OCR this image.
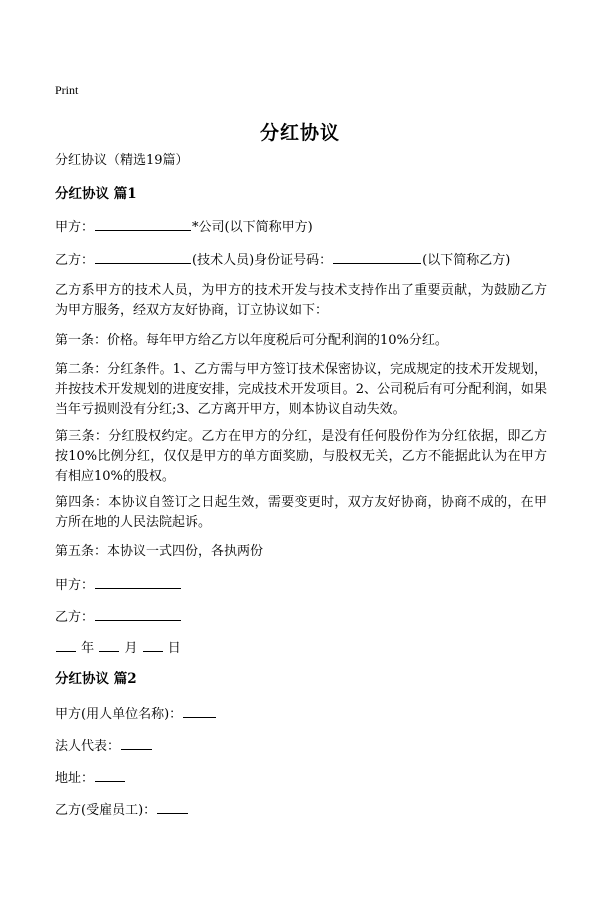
Print
分红协议
分红协议（精选19篇）
分红协议 篇1
甲方：	*公司(以下简称甲方)
乙方：	(技术人员)身份证号码：	(以下简称乙方)
乙方系甲方的技术人员，为甲方的技术开发与技术支持作出了重要贡献，为鼓励乙方为甲方服务，经双方友好协商，订立协议如下：
第一条：价格。每年甲方给乙方以年度税后可分配利润的10%分红。
第二条：分红条件。1、乙方需与甲方签订技术保密协议，完成规定的技术开发规划，并按技术开发规划的进度安排，完成技术开发项目。2、公司税后有可分配利润，如果当年亏损则没有分红;3、乙方离开甲方，则本协议自动失效。
第三条：分红股权约定。乙方在甲方的分红，是没有任何股份作为分红依据，即乙方按10%比例分红，仅仅是甲方的单方面奖励，与股权无关，乙方不能据此认为在甲方有相应10%的股权。
第四条：本协议自签订之日起生效，需要变更时，双方友好协商，协商不成的，在甲方所在地的人民法院起诉。
第五条：本协议一式四份，各执两份
甲方：
乙方：
年 月 日
分红协议 篇2
甲方(用人单位名称)：
法人代表：
地址：
乙方(受雇员工)：
